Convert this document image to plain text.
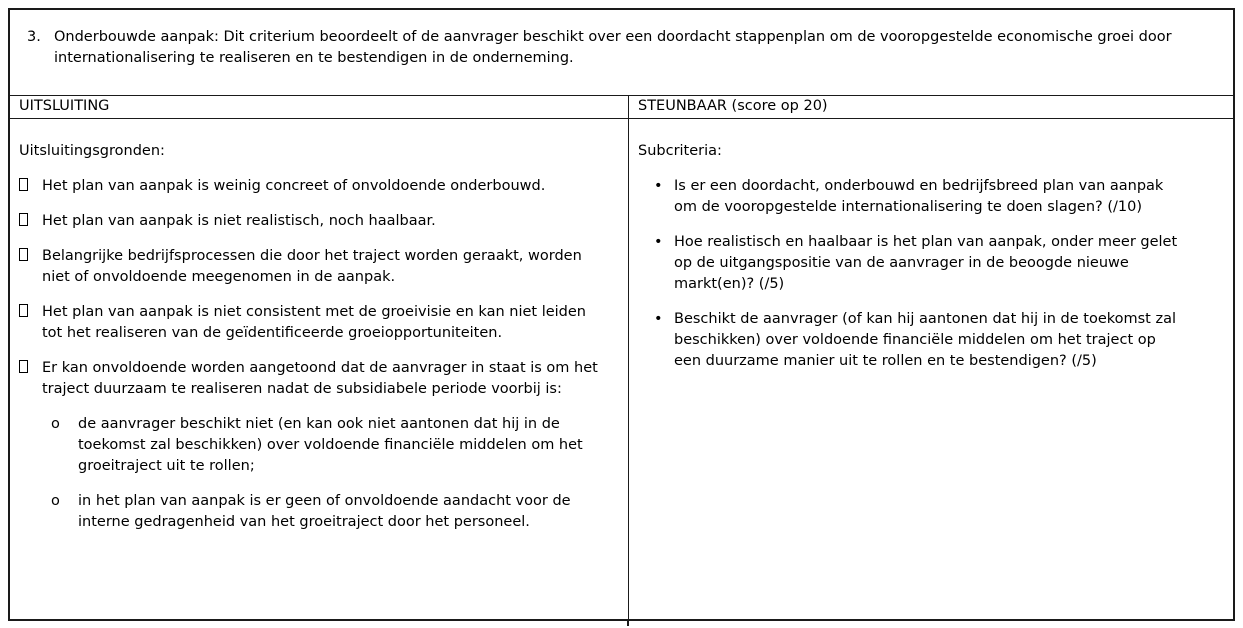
3. Onderbouwde aanpak: Dit criterium beoordeelt of de aanvrager beschikt over een doordacht stappenplan om de vooropgestelde economische groei door internationalisering te realiseren en te bestendigen in de onderneming.
UITSLUITING	STEUNBAAR (score op 20)
Uitsluitingsgronden:
Het plan van aanpak is weinig concreet of onvoldoende onderbouwd.
Het plan van aanpak is niet realistisch, noch haalbaar.
Belangrijke bedrijfsprocessen die door het traject worden geraakt, worden niet of onvoldoende meegenomen in de aanpak.
Het plan van aanpak is niet consistent met de groeivisie en kan niet leiden tot het realiseren van de geïdentificeerde groeiopportuniteiten.
Er kan onvoldoende worden aangetoond dat de aanvrager in staat is om het traject duurzaam te realiseren nadat de subsidiabele periode voorbij is:
o	de aanvrager beschikt niet (en kan ook niet aantonen dat hij in de toekomst zal beschikken) over voldoende financiële middelen om het groeitraject uit te rollen;
o	in het plan van aanpak is er geen of onvoldoende aandacht voor de interne gedragenheid van het groeitraject door het personeel.
Subcriteria:
• Is er een doordacht, onderbouwd en bedrijfsbreed plan van aanpak om de vooropgestelde internationalisering te doen slagen? (/10)
• Hoe realistisch en haalbaar is het plan van aanpak, onder meer gelet op de uitgangspositie van de aanvrager in de beoogde nieuwe markt(en)? (/5)
• Beschikt de aanvrager (of kan hij aantonen dat hij in de toekomst zal beschikken) over voldoende financiële middelen om het traject op een duurzame manier uit te rollen en te bestendigen? (/5)
